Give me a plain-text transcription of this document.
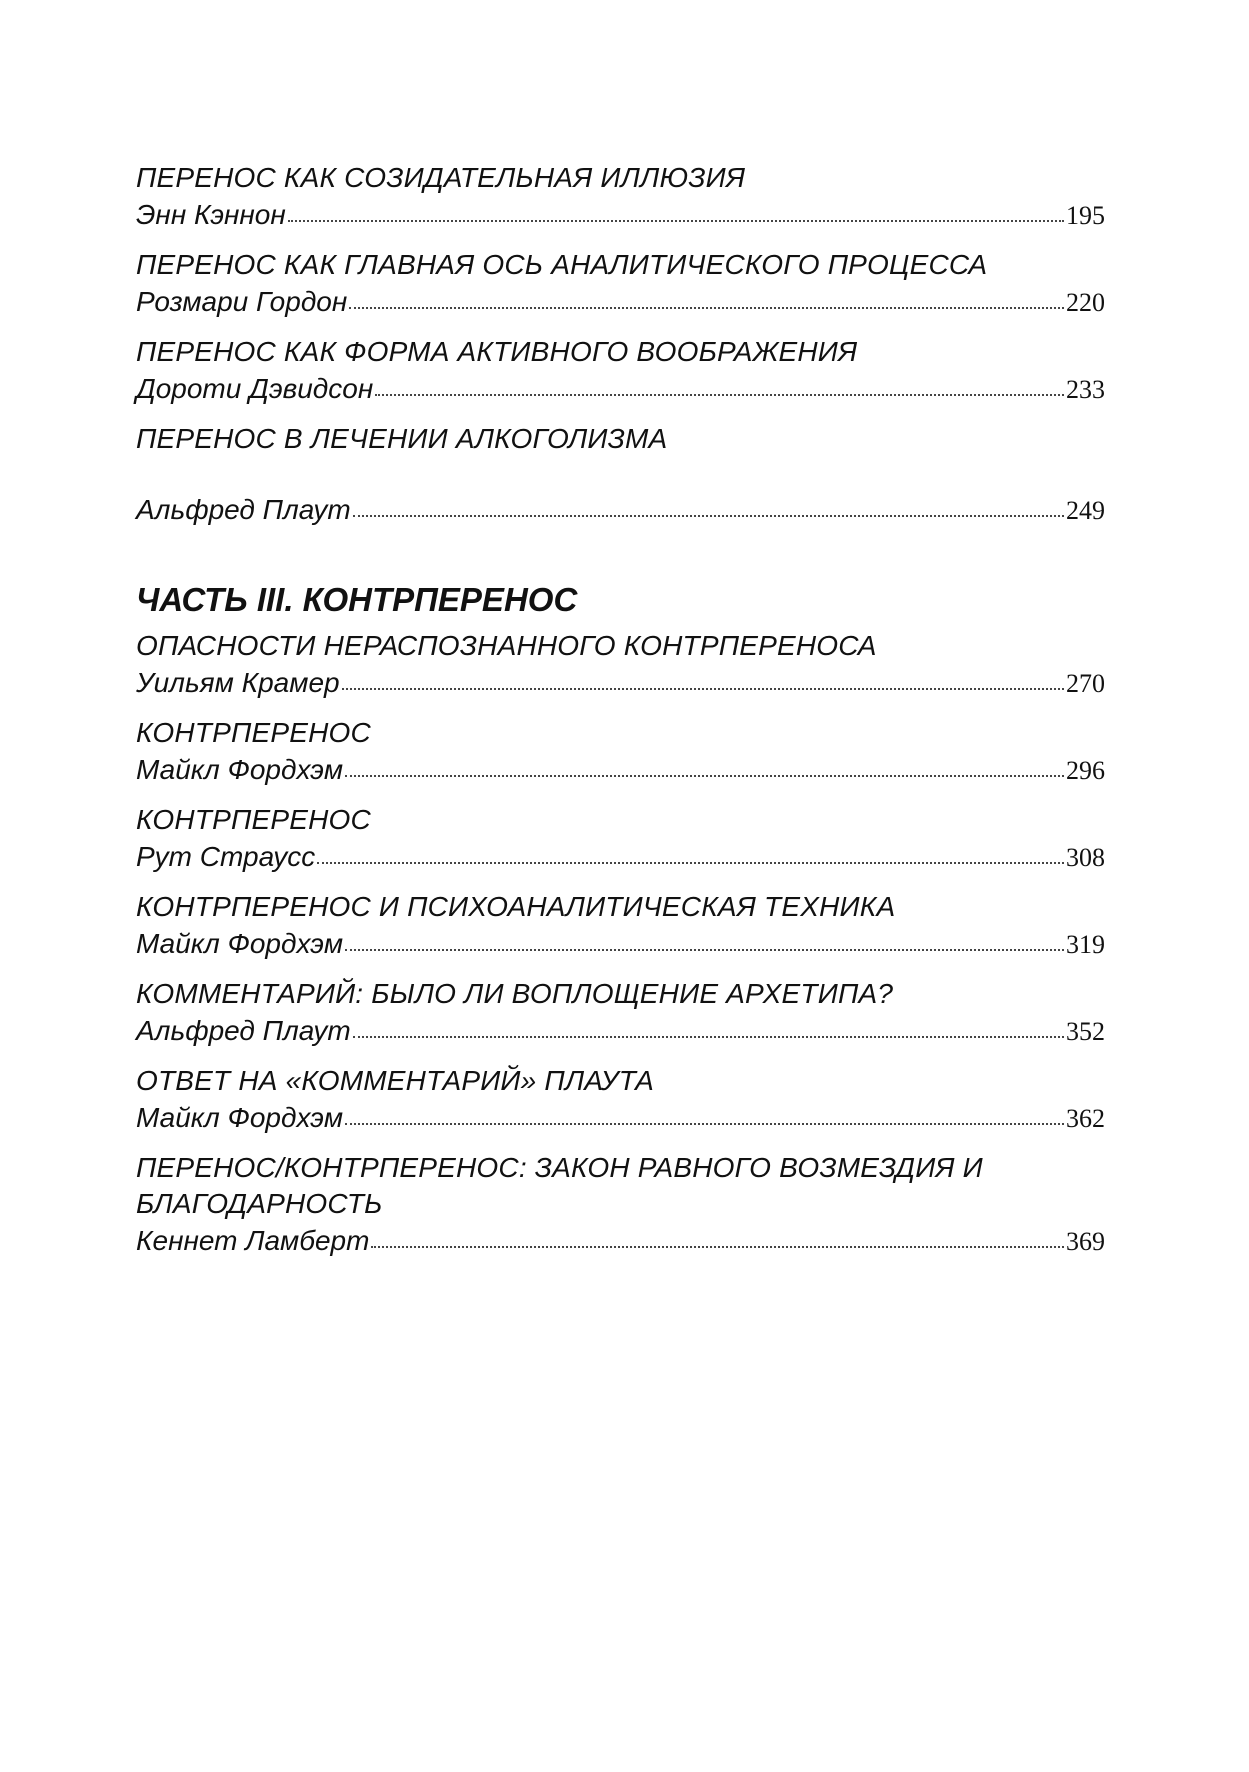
ПЕРЕНОС КАК СОЗИДАТЕЛЬНАЯ ИЛЛЮЗИЯ

Энн Кэннон	195

ПЕРЕНОС КАК ГЛАВНАЯ ОСЬ АНАЛИТИЧЕСКОГО ПРОЦЕССА

Розмари Гордон	220

ПЕРЕНОС КАК ФОРМА АКТИВНОГО ВООБРАЖЕНИЯ

Дороти Дэвидсон	233

ПЕРЕНОС В ЛЕЧЕНИИ АЛКОГОЛИЗМА

Альфред Плаут	249
ЧАСТЬ III. КОНТРПЕРЕНОС

ОПАСНОСТИ НЕРАСПОЗНАННОГО КОНТРПЕРЕНОСА

Уильям Крамер	270

КОНТРПЕРЕНОС

Майкл Фордхэм	296

КОНТРПЕРЕНОС

Рут Страусс	308

КОНТРПЕРЕНОС И ПСИХОАНАЛИТИЧЕСКАЯ ТЕХНИКА

Майкл Фордхэм	319

КОММЕНТАРИЙ: БЫЛО ЛИ ВОПЛОЩЕНИЕ АРХЕТИПА?

Альфред Плаут	352

ОТВЕТ НА «КОММЕНТАРИЙ» ПЛАУТА

Майкл Фордхэм	362

ПЕРЕНОС/КОНТРПЕРЕНОС: ЗАКОН РАВНОГО ВОЗМЕЗДИЯ И БЛАГОДАРНОСТЬ

Кеннет Ламберт	369
